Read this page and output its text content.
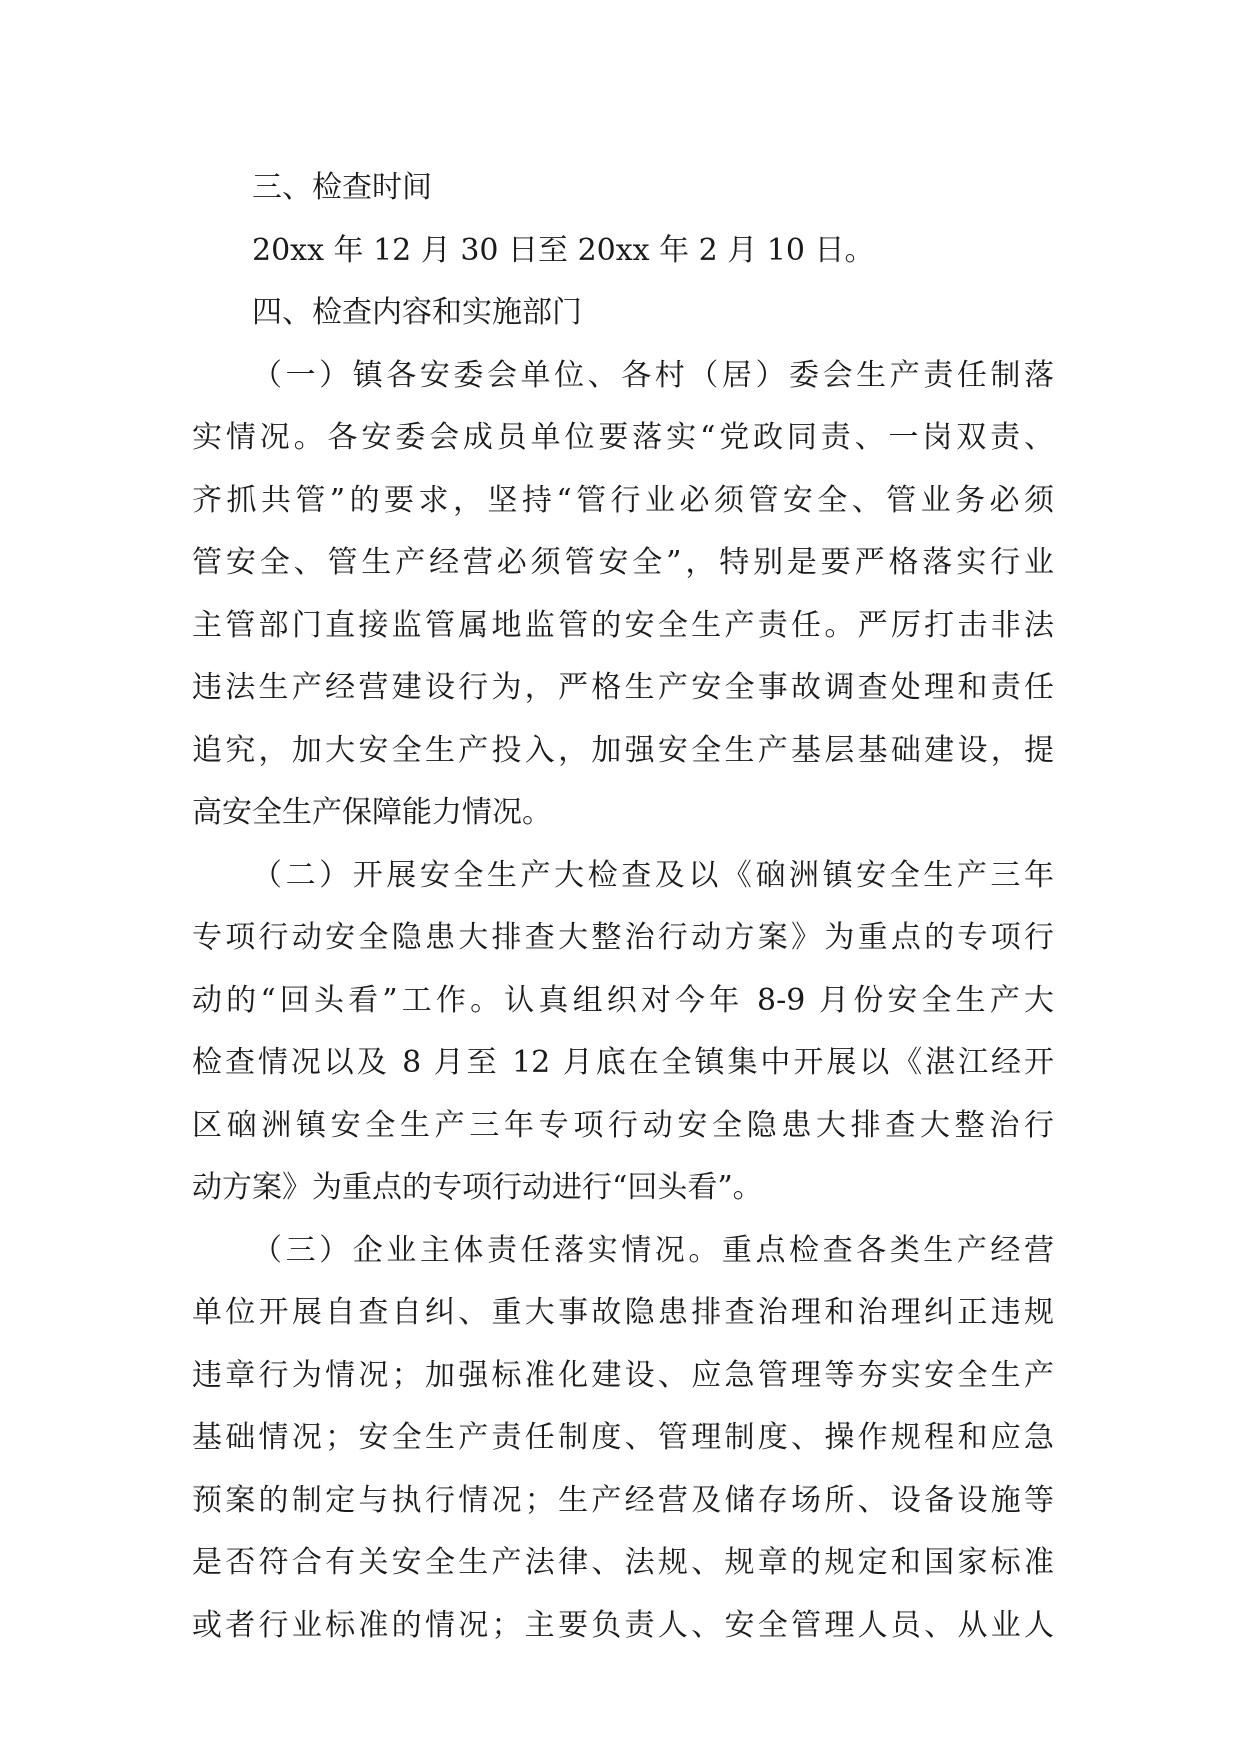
三、检查时间
20xx 年 12 月 30 日至 20xx 年 2 月 10 日。
四、检查内容和实施部门
（一）镇各安委会单位、各村（居）委会生产责任制落
实情况。各安委会成员单位要落实“党政同责、一岗双责、
齐抓共管”的要求，坚持“管行业必须管安全、管业务必须
管安全、管生产经营必须管安全”，特别是要严格落实行业
主管部门直接监管属地监管的安全生产责任。严厉打击非法
违法生产经营建设行为，严格生产安全事故调查处理和责任
追究，加大安全生产投入，加强安全生产基层基础建设，提
高安全生产保障能力情况。
（二）开展安全生产大检查及以《硇洲镇安全生产三年
专项行动安全隐患大排查大整治行动方案》为重点的专项行
动的“回头看”工作。认真组织对今年 8-9 月份安全生产大
检查情况以及 8 月至 12 月底在全镇集中开展以《湛江经开
区硇洲镇安全生产三年专项行动安全隐患大排查大整治行
动方案》为重点的专项行动进行“回头看”。
（三）企业主体责任落实情况。重点检查各类生产经营
单位开展自查自纠、重大事故隐患排查治理和治理纠正违规
违章行为情况；加强标准化建设、应急管理等夯实安全生产
基础情况；安全生产责任制度、管理制度、操作规程和应急
预案的制定与执行情况；生产经营及储存场所、设备设施等
是否符合有关安全生产法律、法规、规章的规定和国家标准
或者行业标准的情况；主要负责人、安全管理人员、从业人
